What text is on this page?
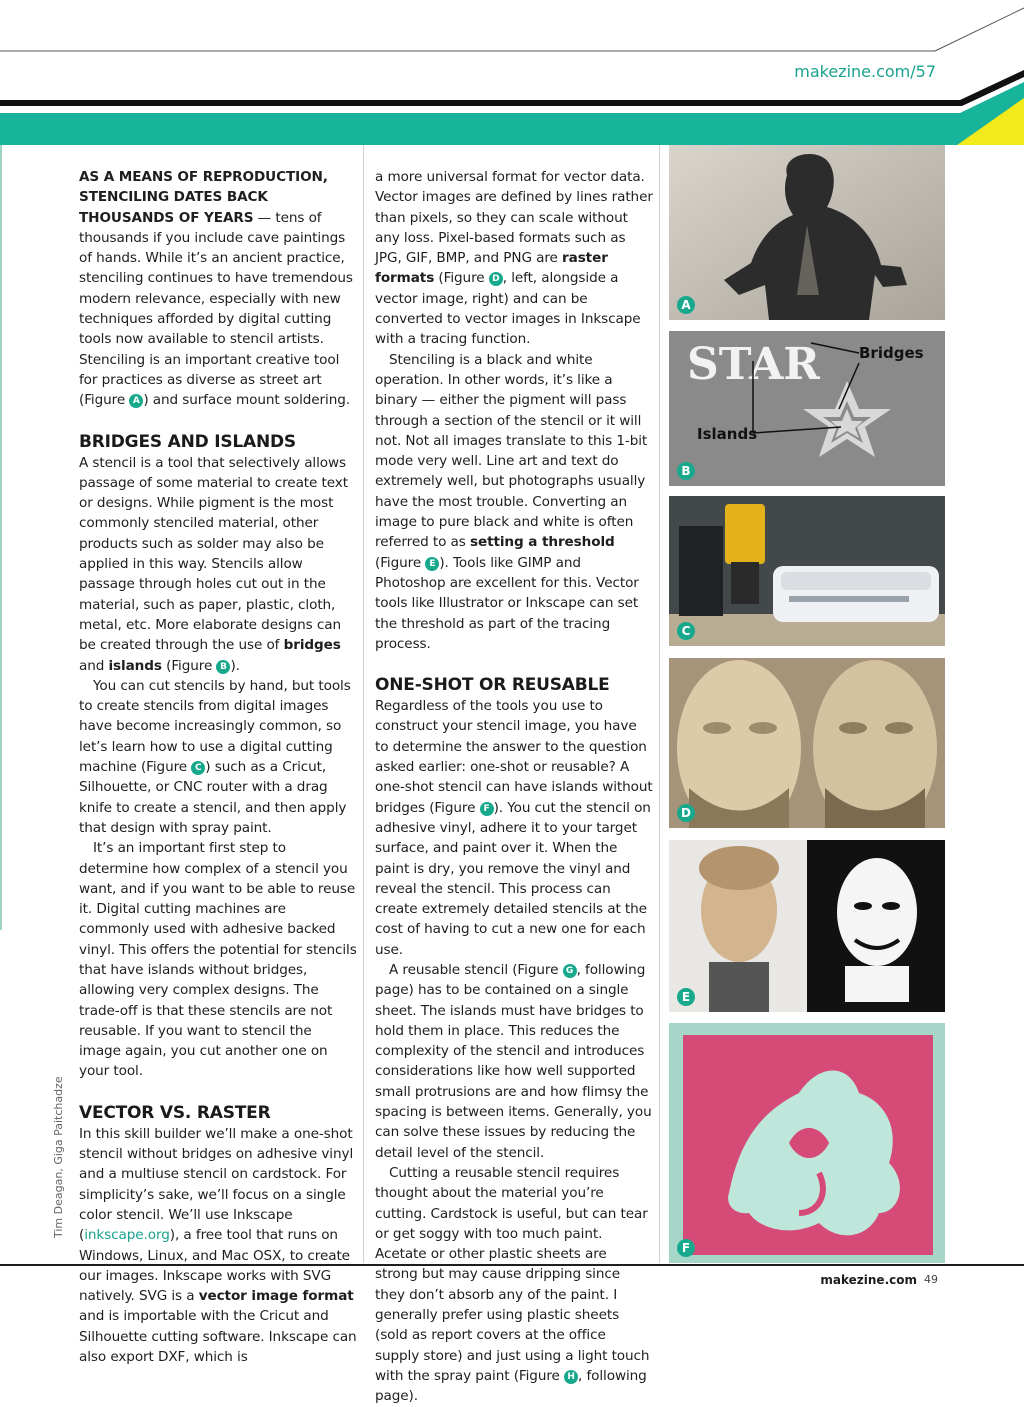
makezine.com/57
Tim Deagan, Giga Paitchadze

AS A MEANS OF REPRODUCTION, STENCILING DATES BACK THOUSANDS OF YEARS — tens of thousands if you include cave paintings of hands. While it’s an ancient practice, stenciling continues to have tremendous modern relevance, especially with new techniques afforded by digital cutting tools now available to stencil artists. Stenciling is an important creative tool for practices as diverse as street art (Figure A ) and surface mount soldering.

BRIDGES AND ISLANDS

A stencil is a tool that selectively allows passage of some material to create text or designs. While pigment is the most commonly stenciled material, other products such as solder may also be applied in this way. Stencils allow passage through holes cut out in the material, such as paper, plastic, cloth, metal, etc. More elaborate designs can be created through the use of bridges and islands (Figure B ).

You can cut stencils by hand, but tools to create stencils from digital images have become increasingly common, so let’s learn how to use a digital cutting machine (Figure C ) such as a Cricut, Silhouette, or CNC router with a drag knife to create a stencil, and then apply that design with spray paint.

It’s an important first step to determine how complex of a stencil you want, and if you want to be able to reuse it. Digital cutting machines are commonly used with adhesive backed vinyl. This offers the potential for stencils that have islands without bridges, allowing very complex designs. The trade-off is that these stencils are not reusable. If you want to stencil the image again, you cut another one on your tool.

VECTOR VS. RASTER

In this skill builder we’ll make a one-shot stencil without bridges on adhesive vinyl and a multiuse stencil on cardstock. For simplicity’s sake, we’ll focus on a single color stencil. We’ll use Inkscape (inkscape.org), a free tool that runs on Windows, Linux, and Mac OSX, to create our images. Inkscape works with SVG natively. SVG is a vector image format and is importable with the Cricut and Silhouette cutting software. Inkscape can also export DXF, which is

a more universal format for vector data. Vector images are defined by lines rather than pixels, so they can scale without any loss. Pixel-based formats such as JPG, GIF, BMP, and PNG are raster formats (Figure D , left, alongside a vector image, right) and can be converted to vector images in Inkscape with a tracing function.

Stenciling is a black and white operation. In other words, it’s like a binary — either the pigment will pass through a section of the stencil or it will not. Not all images translate to this 1-bit mode very well. Line art and text do extremely well, but photographs usually have the most trouble. Converting an image to pure black and white is often referred to as setting a threshold (Figure E ). Tools like GIMP and Photoshop are excellent for this. Vector tools like Illustrator or Inkscape can set the threshold as part of the tracing process.

ONE-SHOT OR REUSABLE

Regardless of the tools you use to construct your stencil image, you have to determine the answer to the question asked earlier: one-shot or reusable? A one-shot stencil can have islands without bridges (Figure F ). You cut the stencil on adhesive vinyl, adhere it to your target surface, and paint over it. When the paint is dry, you remove the vinyl and reveal the stencil. This process can create extremely detailed stencils at the cost of having to cut a new one for each use.

A reusable stencil (Figure G , following page) has to be contained on a single sheet. The islands must have bridges to hold them in place. This reduces the complexity of the stencil and introduces considerations like how well supported small protrusions are and how flimsy the spacing is between items. Generally, you can solve these issues by reducing the detail level of the stencil.

Cutting a reusable stencil requires thought about the material you’re cutting. Cardstock is useful, but can tear or get soggy with too much paint. Acetate or other plastic sheets are strong but may cause dripping since they don’t absorb any of the paint. I generally prefer using plastic sheets (sold as report covers at the office supply store) and just using a light touch with the spray paint (Figure H , following page).

A
STAR	Bridges
Islands
B
C
D
E
F
makezine.com 49
